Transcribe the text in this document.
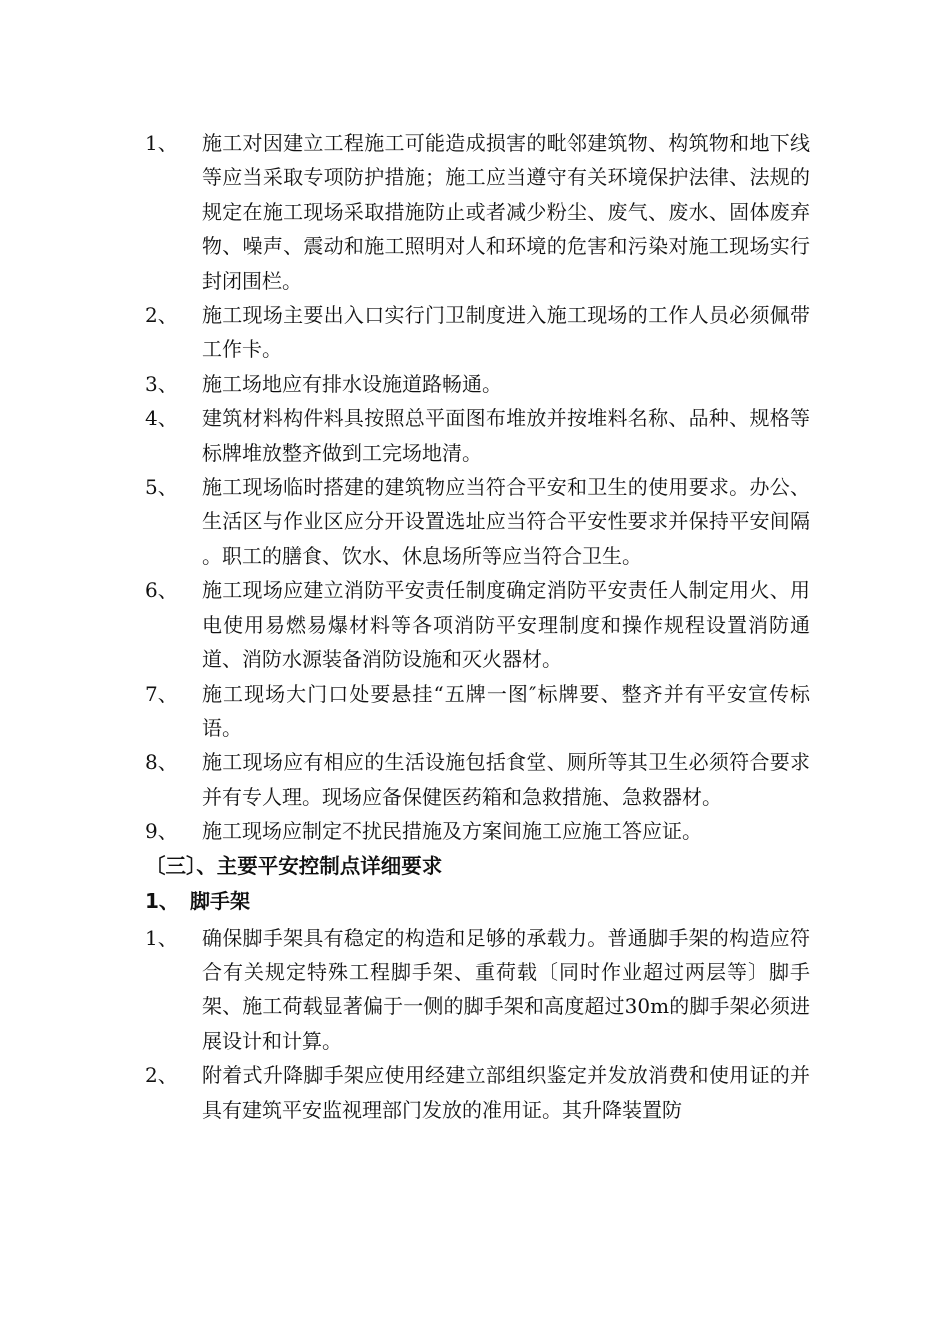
1、 施工对因建立工程施工可能造成损害的毗邻建筑物、构筑物和地下线等应当采取专项防护措施；施工应当遵守有关环境保护法律、法规的规定在施工现场采取措施防止或者减少粉尘、废气、废水、固体废弃物、噪声、震动和施工照明对人和环境的危害和污染对施工现场实行封闭围栏。
2、 施工现场主要出入口实行门卫制度进入施工现场的工作人员必须佩带工作卡。
3、 施工场地应有排水设施道路畅通。
4、 建筑材料构件料具按照总平面图布堆放并按堆料名称、品种、规格等标牌堆放整齐做到工完场地清。
5、 施工现场临时搭建的建筑物应当符合平安和卫生的使用要求。办公、生活区与作业区应分开设置选址应当符合平安性要求并保持平安间隔 。职工的膳食、饮水、休息场所等应当符合卫生。
6、 施工现场应建立消防平安责任制度确定消防平安责任人制定用火、用电使用易燃易爆材料等各项消防平安理制度和操作规程设置消防通道、消防水源装备消防设施和灭火器材。
7、 施工现场大门口处要悬挂“五牌一图″标牌要、整齐并有平安宣传标语。
8、 施工现场应有相应的生活设施包括食堂、厕所等其卫生必须符合要求并有专人理。现场应备保健医药箱和急救措施、急救器材。
9、 施工现场应制定不扰民措施及方案间施工应施工答应证。
〔三〕、主要平安控制点详细要求
1、 脚手架
1、 确保脚手架具有稳定的构造和足够的承载力。普通脚手架的构造应符合有关规定特殊工程脚手架、重荷载〔同时作业超过两层等〕脚手架、施工荷载显著偏于一侧的脚手架和高度超过30m的脚手架必须进展设计和计算。
2、 附着式升降脚手架应使用经建立部组织鉴定并发放消费和使用证的并具有建筑平安监视理部门发放的准用证。其升降装置防
